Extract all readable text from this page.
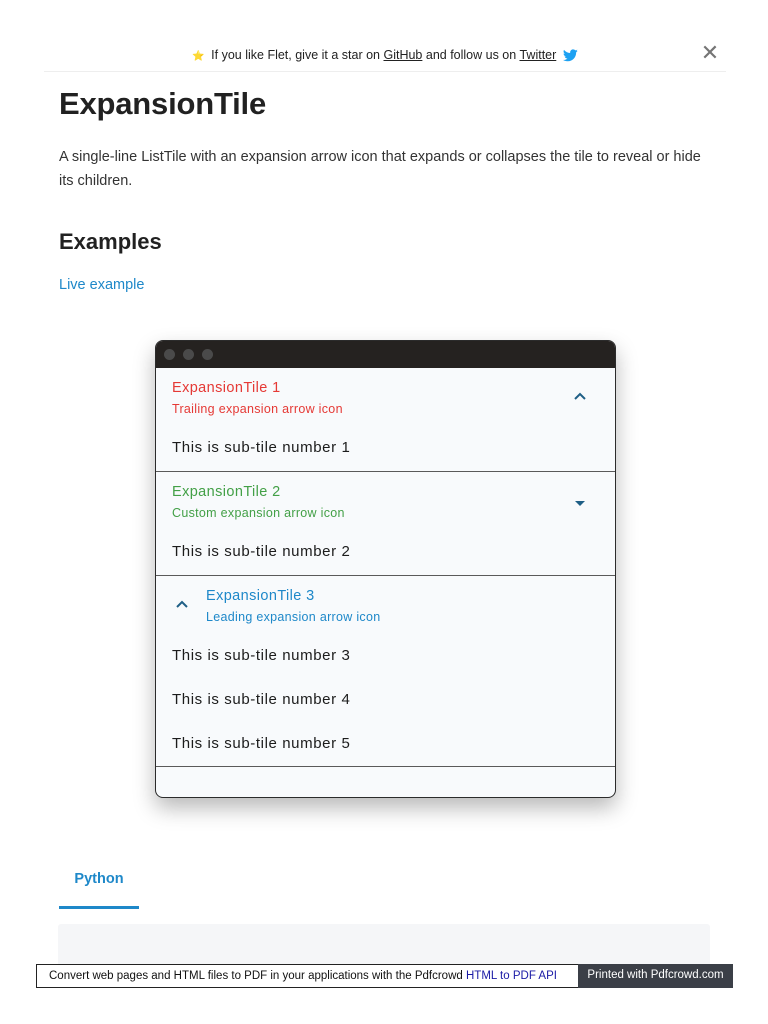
⭐ If you like Flet, give it a star on GitHub and follow us on Twitter	✕
ExpansionTile

A single-line ListTile with an expansion arrow icon that expands or collapses the tile to reveal or hide its children.

Examples
Live example
ExpansionTile 1
Trailing expansion arrow icon
This is sub-tile number 1
ExpansionTile 2
Custom expansion arrow icon
This is sub-tile number 2
ExpansionTile 3
Leading expansion arrow icon
This is sub-tile number 3
This is sub-tile number 4
This is sub-tile number 5
Python
Convert web pages and HTML files to PDF in your applications with the Pdfcrowd HTML to PDF API	Printed with Pdfcrowd.com
